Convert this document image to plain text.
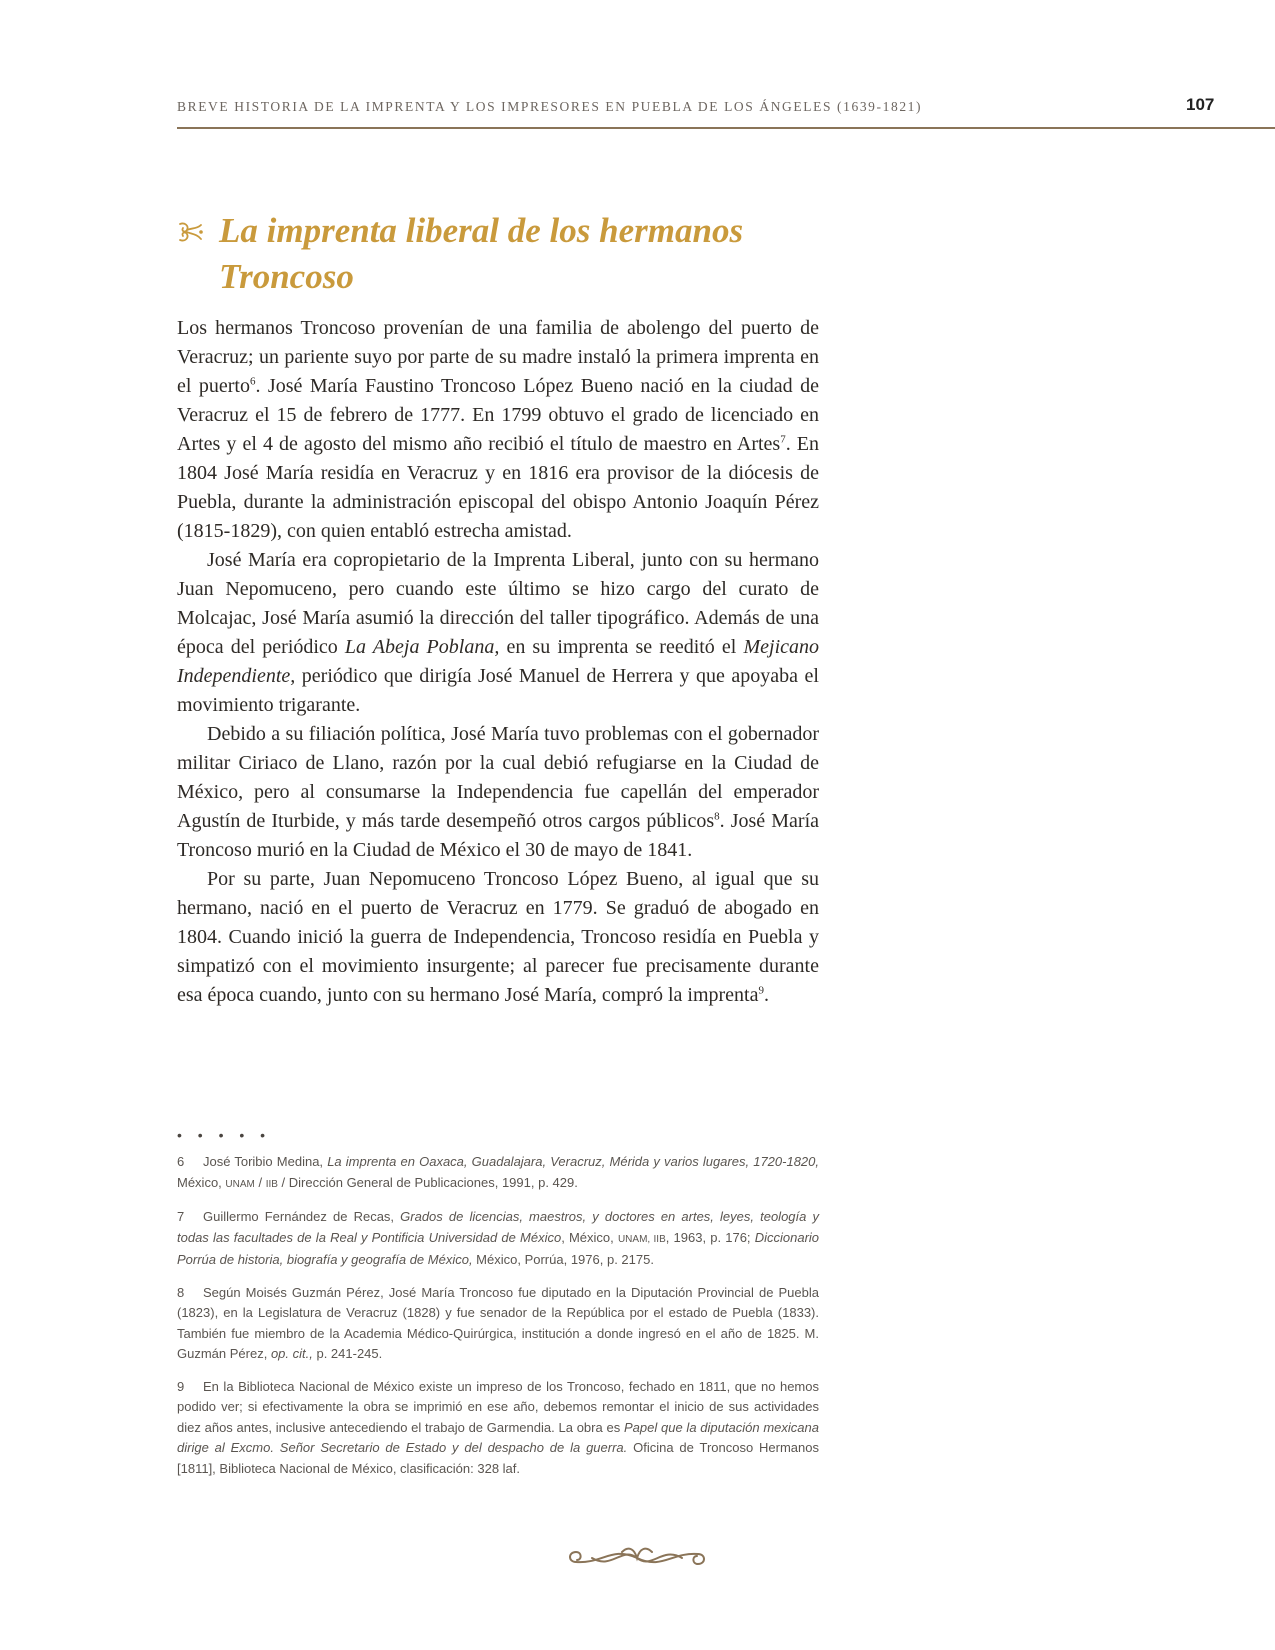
BREVE HISTORIA DE LA IMPRENTA Y LOS IMPRESORES EN PUEBLA DE LOS ÁNGELES (1639-1821)	107
La imprenta liberal de los hermanos
Troncoso

Los hermanos Troncoso provenían de una familia de abolengo del puerto de Veracruz; un pariente suyo por parte de su madre instaló la primera imprenta en el puerto$^6$. José María Faustino Troncoso López Bueno nació en la ciudad de Veracruz el 15 de febrero de 1777. En 1799 obtuvo el grado de licenciado en Artes y el 4 de agosto del mismo año recibió el título de maestro en Artes$^7$. En 1804 José María residía en Veracruz y en 1816 era provisor de la diócesis de Puebla, durante la administración episcopal del obispo Antonio Joaquín Pérez (1815-1829), con quien entabló estrecha amistad.

José María era copropietario de la Imprenta Liberal, junto con su hermano Juan Nepomuceno, pero cuando este último se hizo cargo del curato de Molcajac, José María asumió la dirección del taller tipográfico. Además de una época del periódico La Abeja Poblana, en su imprenta se reeditó el Mejicano Independiente, periódico que dirigía José Manuel de Herrera y que apoyaba el movimiento trigarante.

Debido a su filiación política, José María tuvo problemas con el gobernador militar Ciriaco de Llano, razón por la cual debió refugiarse en la Ciudad de México, pero al consumarse la Independencia fue capellán del emperador Agustín de Iturbide, y más tarde desempeñó otros cargos públicos$^8$. José María Troncoso murió en la Ciudad de México el 30 de mayo de 1841.

Por su parte, Juan Nepomuceno Troncoso López Bueno, al igual que su hermano, nació en el puerto de Veracruz en 1779. Se graduó de abogado en 1804. Cuando inició la guerra de Independencia, Troncoso residía en Puebla y simpatizó con el movimiento insurgente; al parecer fue precisamente durante esa época cuando, junto con su hermano José María, compró la imprenta$^9$.

• • • • •

6 José Toribio Medina, La imprenta en Oaxaca, Guadalajara, Veracruz, Mérida y varios lugares, 1720-1820, México, UNAM / IIB / Dirección General de Publicaciones, 1991, p. 429.

7 Guillermo Fernández de Recas, Grados de licencias, maestros, y doctores en artes, leyes, teología y todas las facultades de la Real y Pontificia Universidad de México, México, UNAM, IIB, 1963, p. 176; Diccionario Porrúa de historia, biografía y geografía de México, México, Porrúa, 1976, p. 2175.

8 Según Moisés Guzmán Pérez, José María Troncoso fue diputado en la Diputación Provincial de Puebla (1823), en la Legislatura de Veracruz (1828) y fue senador de la República por el estado de Puebla (1833). También fue miembro de la Academia Médico-Quirúrgica, institución a donde ingresó en el año de 1825. M. Guzmán Pérez, op. cit., p. 241-245.

9 En la Biblioteca Nacional de México existe un impreso de los Troncoso, fechado en 1811, que no hemos podido ver; si efectivamente la obra se imprimió en ese año, debemos remontar el inicio de sus actividades diez años antes, inclusive antecediendo el trabajo de Garmendia. La obra es Papel que la diputación mexicana dirige al Excmo. Señor Secretario de Estado y del despacho de la guerra. Oficina de Troncoso Hermanos [1811], Biblioteca Nacional de México, clasificación: 328 laf.
